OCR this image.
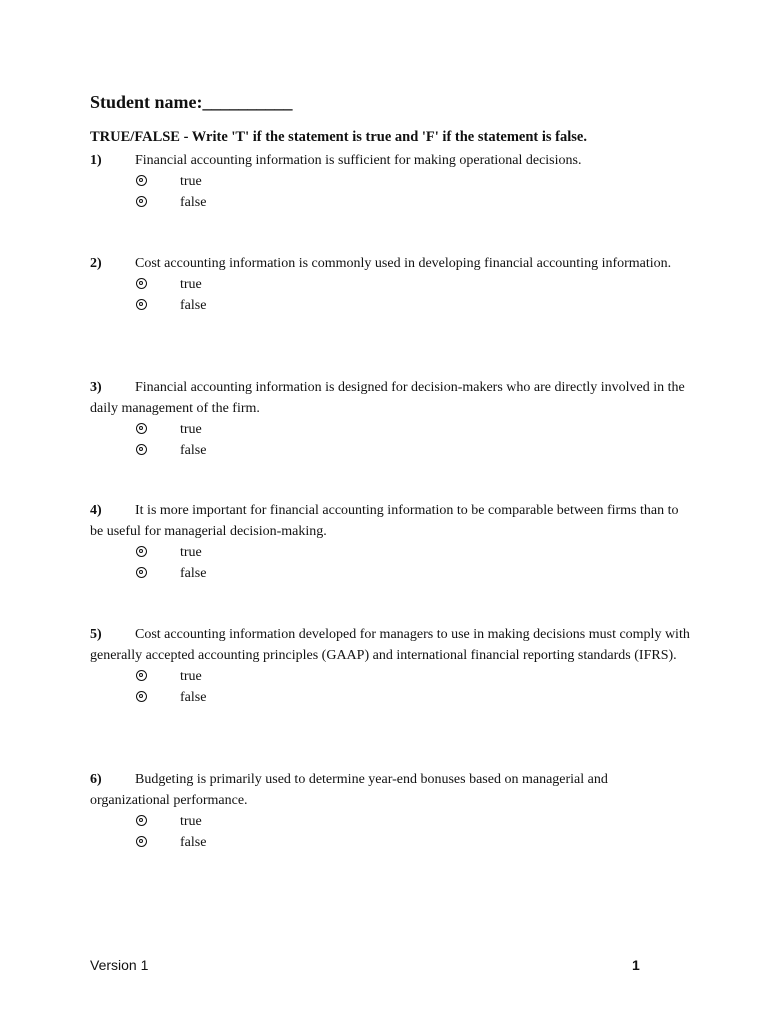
Student name:__________
TRUE/FALSE - Write 'T' if the statement is true and 'F' if the statement is false.
1) Financial accounting information is sufficient for making operational decisions.
true
false
2) Cost accounting information is commonly used in developing financial accounting information.
true
false
3) Financial accounting information is designed for decision-makers who are directly involved in the daily management of the firm.
true
false
4) It is more important for financial accounting information to be comparable between firms than to be useful for managerial decision-making.
true
false
5) Cost accounting information developed for managers to use in making decisions must comply with generally accepted accounting principles (GAAP) and international financial reporting standards (IFRS).
true
false
6) Budgeting is primarily used to determine year-end bonuses based on managerial and organizational performance.
true
false
Version 1	1
